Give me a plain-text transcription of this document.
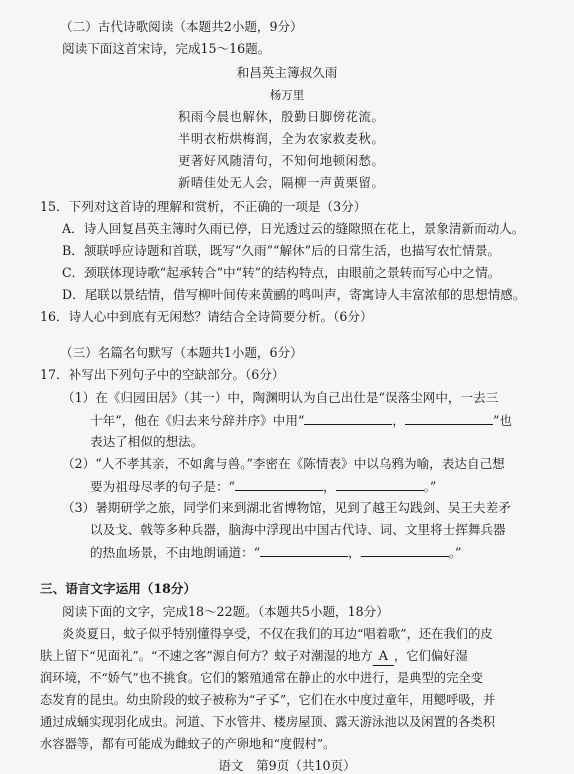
（二）古代诗歌阅读（本题共2小题，9分）
阅读下面这首宋诗，完成15～16题。
和昌英主簿叔久雨
杨万里
积雨今晨也解休，殷勤日脚傍花流。
半明衣桁烘梅润，全为农家救麦秋。
更著好风随清句，不知何地顿闲愁。
新晴佳处无人会，隔柳一声黄栗留。
15．下列对这首诗的理解和赏析，不正确的一项是（3分）
A．诗人回复昌英主簿时久雨已停，日光透过云的缝隙照在花上，景象清新而动人。
B．颔联呼应诗题和首联，既写“久雨”“解休”后的日常生活，也描写农忙情景。
C．颈联体现诗歌“起承转合”中“转”的结构特点，由眼前之景转而写心中之情。
D．尾联以景结情，借写柳叶间传来黄鹂的鸣叫声，寄寓诗人丰富浓郁的思想情感。
16．诗人心中到底有无闲愁？请结合全诗简要分析。（6分）
（三）名篇名句默写（本题共1小题，6分）
17．补写出下列句子中的空缺部分。（6分）
（1）在《归园田居》（其一）中，陶渊明认为自己出仕是“误落尘网中，一去三
十年”，他在《归去来兮辞并序》中用“	，	”也
表达了相似的想法。
（2）“人不孝其亲，不如禽与兽。”李密在《陈情表》中以乌鸦为喻，表达自己想
要为祖母尽孝的句子是：“	，	。”
（3）暑期研学之旅，同学们来到湖北省博物馆，见到了越王勾践剑、吴王夫差矛
以及戈、戟等多种兵器，脑海中浮现出中国古代诗、词、文里将士挥舞兵器
的热血场景，不由地朗诵道：“	，	。”
三、语言文字运用（18分）
阅读下面的文字，完成18～22题。（本题共5小题，18分）
炎炎夏日，蚊子似乎特别懂得享受，不仅在我们的耳边“唱着歌”，还在我们的皮
肤上留下“见面礼”。“不速之客”源自何方？蚊子对潮湿的地方 A ，它们偏好湿
润环境，不“娇气”也不挑食。它们的繁殖通常在静止的水中进行，是典型的完全变
态发育的昆虫。幼虫阶段的蚊子被称为“孑孓”，它们在水中度过童年，用鳃呼吸，并
通过成蛹实现羽化成虫。河道、下水管井、楼房屋顶、露天游泳池以及闲置的各类积
水容器等，都有可能成为雌蚊子的产卵地和“度假村”。
语文　第9页（共10页）
